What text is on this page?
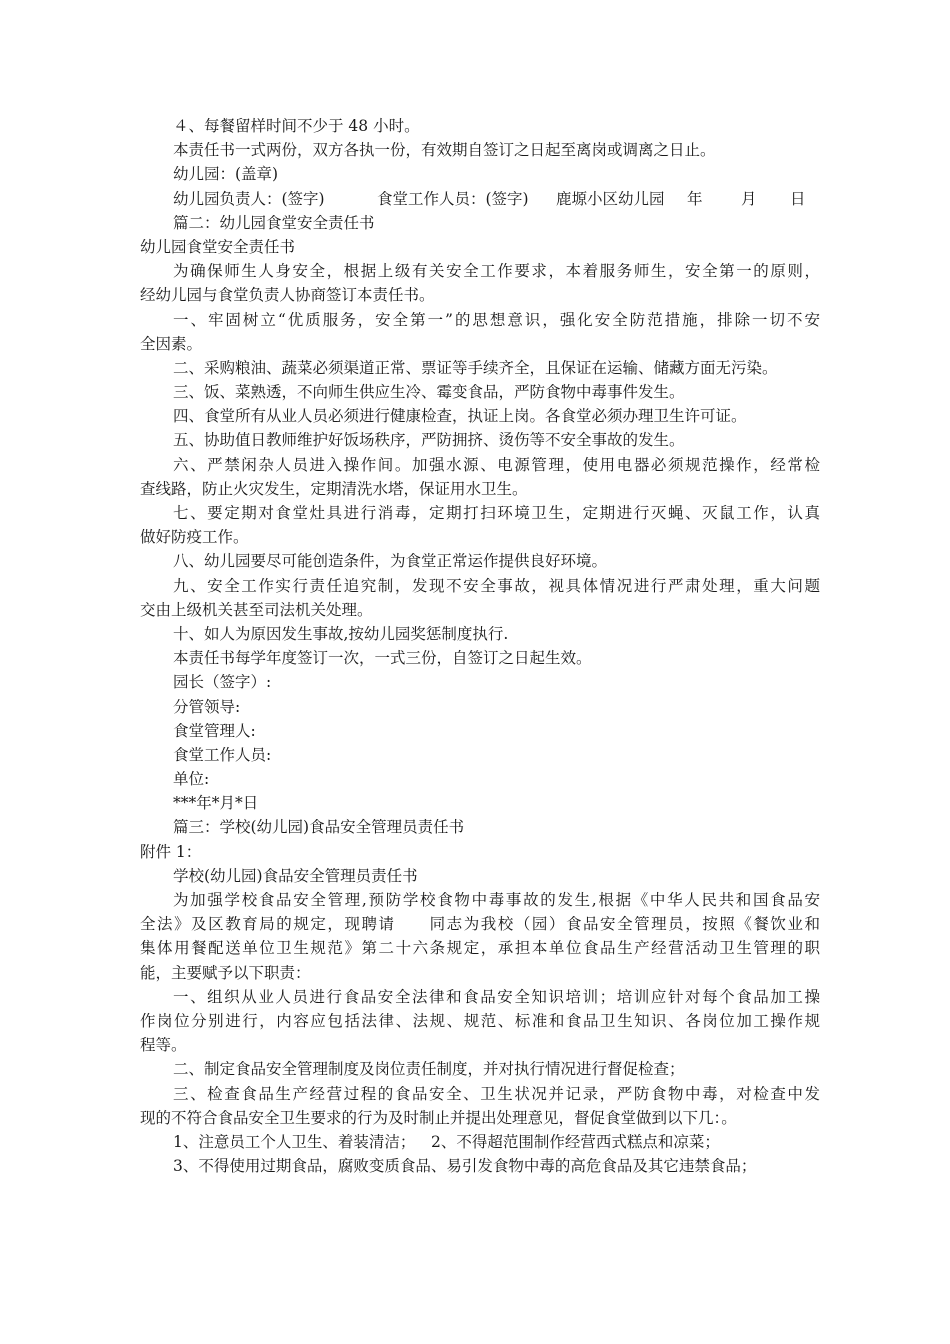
４、每餐留样时间不少于 48 小时。
本责任书一式两份，双方各执一份，有效期自签订之日起至离岗或调离之日止。
幼儿园：(盖章)
幼儿园负责人：(签字)	食堂工作人员：(签字)	鹿塬小区幼儿园	年	月	日
篇二：幼儿园食堂安全责任书
幼儿园食堂安全责任书
为确保师生人身安全，根据上级有关安全工作要求，本着服务师生，安全第一的原则，
经幼儿园与食堂负责人协商签订本责任书。
一、牢固树立“优质服务，安全第一”的思想意识，强化安全防范措施，排除一切不安
全因素。
二、采购粮油、蔬菜必须渠道正常、票证等手续齐全，且保证在运输、储藏方面无污染。
三、饭、菜熟透，不向师生供应生冷、霉变食品，严防食物中毒事件发生。
四、食堂所有从业人员必须进行健康检查，执证上岗。各食堂必须办理卫生许可证。
五、协助值日教师维护好饭场秩序，严防拥挤、烫伤等不安全事故的发生。
六、严禁闲杂人员进入操作间。加强水源、电源管理，使用电器必须规范操作，经常检
查线路，防止火灾发生，定期清洗水塔，保证用水卫生。
七、要定期对食堂灶具进行消毒，定期打扫环境卫生，定期进行灭蝇、灭鼠工作，认真
做好防疫工作。
八、幼儿园要尽可能创造条件，为食堂正常运作提供良好环境。
九、安全工作实行责任追究制，发现不安全事故，视具体情况进行严肃处理，重大问题
交由上级机关甚至司法机关处理。
十、如人为原因发生事故,按幼儿园奖惩制度执行.
本责任书每学年度签订一次，一式三份，自签订之日起生效。
园长（签字）:
分管领导:
食堂管理人:
食堂工作人员:
单位:
***年*月*日
篇三：学校(幼儿园)食品安全管理员责任书
附件 1：
学校(幼儿园)食品安全管理员责任书
为加强学校食品安全管理,预防学校食物中毒事故的发生,根据《中华人民共和国食品安
全法》及区教育局的规定，现聘请　　同志为我校（园）食品安全管理员，按照《餐饮业和
集体用餐配送单位卫生规范》第二十六条规定，承担本单位食品生产经营活动卫生管理的职
能，主要赋予以下职责：
一、组织从业人员进行食品安全法律和食品安全知识培训；培训应针对每个食品加工操
作岗位分别进行，内容应包括法律、法规、规范、标准和食品卫生知识、各岗位加工操作规
程等。
二、制定食品安全管理制度及岗位责任制度，并对执行情况进行督促检查；
三、检查食品生产经营过程的食品安全、卫生状况并记录，严防食物中毒，对检查中发
现的不符合食品安全卫生要求的行为及时制止并提出处理意见，督促食堂做到以下几：。
1、注意员工个人卫生、着装清洁；	2、不得超范围制作经营西式糕点和凉菜；
3、不得使用过期食品，腐败变质食品、易引发食物中毒的高危食品及其它违禁食品；
